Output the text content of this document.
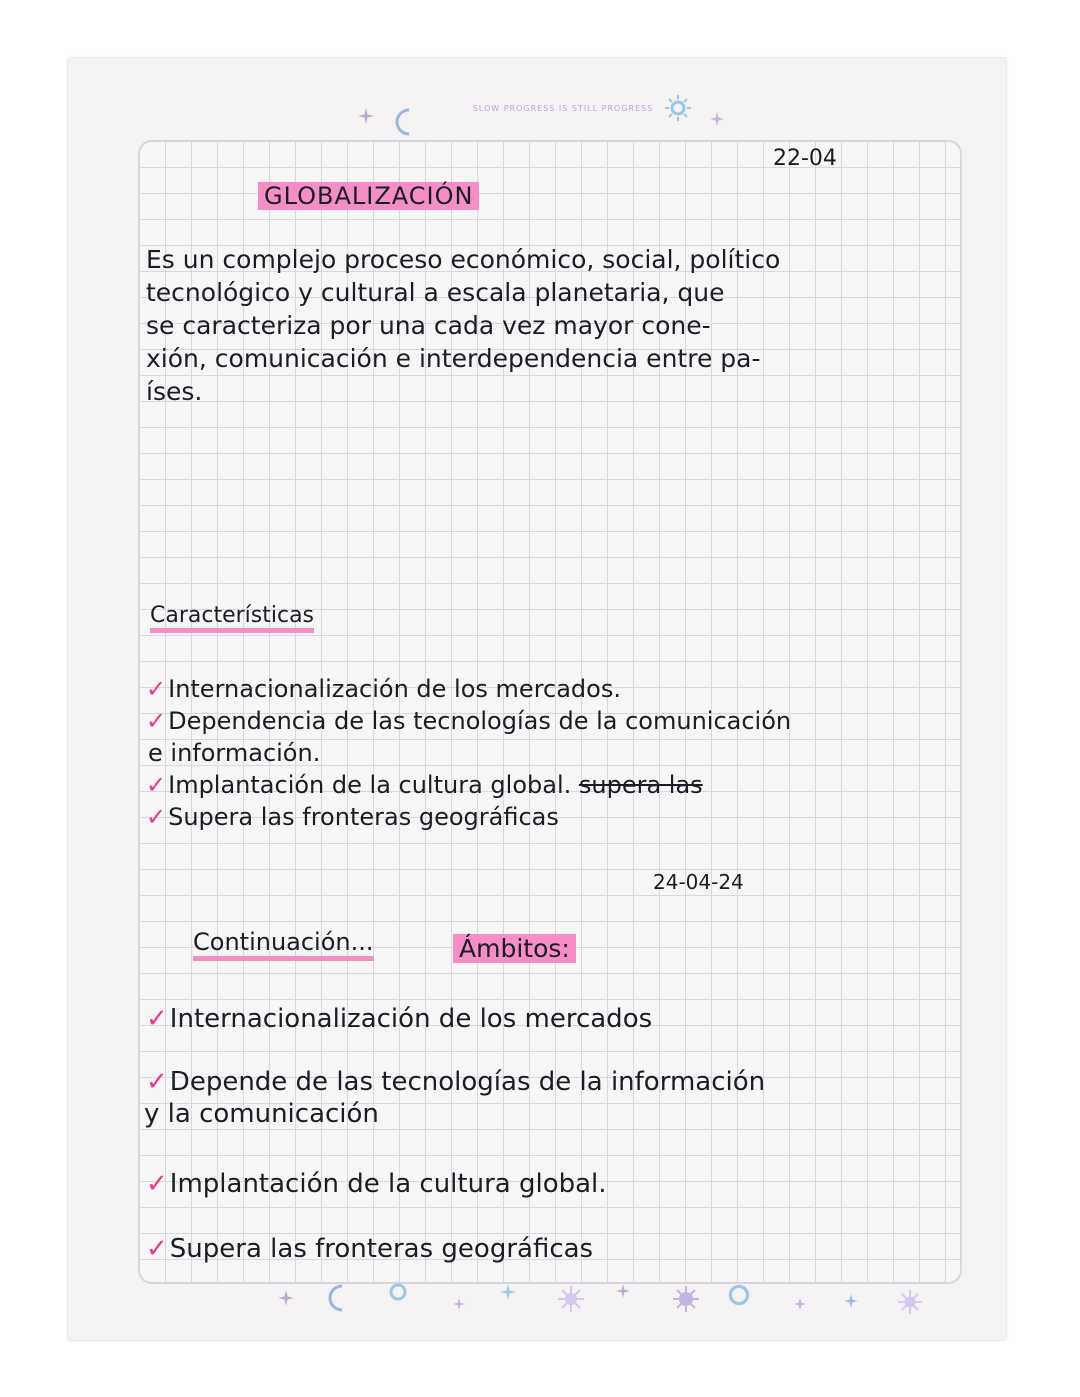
SLOW PROGRESS IS STILL PROGRESS
22-04
GLOBALIZACIÓN
Es un complejo proceso económico, social, político
tecnológico y cultural a escala planetaria, que
se caracteriza por una cada vez mayor cone-
xión, comunicación e interdependencia entre pa-
íses.
Características
✓Internacionalización de los mercados.
✓Dependencia de las tecnologías de la comunicación
e información.
✓Implantación de la cultura global. supera las
✓Supera las fronteras geográficas
24-04-24
Continuación...	Ámbitos:
✓Internacionalización de los mercados
✓Depende de las tecnologías de la información
y la comunicación
✓Implantación de la cultura global.
✓Supera las fronteras geográficas
